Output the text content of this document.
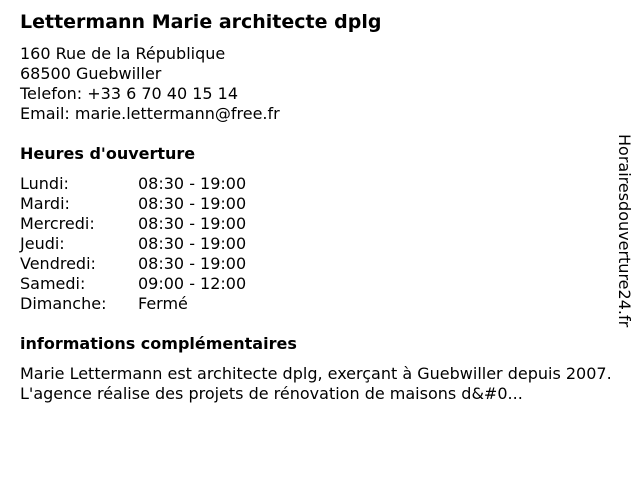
Lettermann Marie architecte dplg
160 Rue de la République
68500 Guebwiller
Telefon: +33 6 70 40 15 14
Email: marie.lettermann@free.fr
Heures d'ouverture
Lundi:	08:30 - 19:00
Mardi:	08:30 - 19:00
Mercredi:	08:30 - 19:00
Jeudi:	08:30 - 19:00
Vendredi:	08:30 - 19:00
Samedi:	09:00 - 12:00
Dimanche:	Fermé
informations complémentaires
Marie Lettermann est architecte dplg, exerçant à Guebwiller depuis 2007. L'agence réalise des projets de rénovation de maisons d&#0...
Horairesdouverture24.fr
